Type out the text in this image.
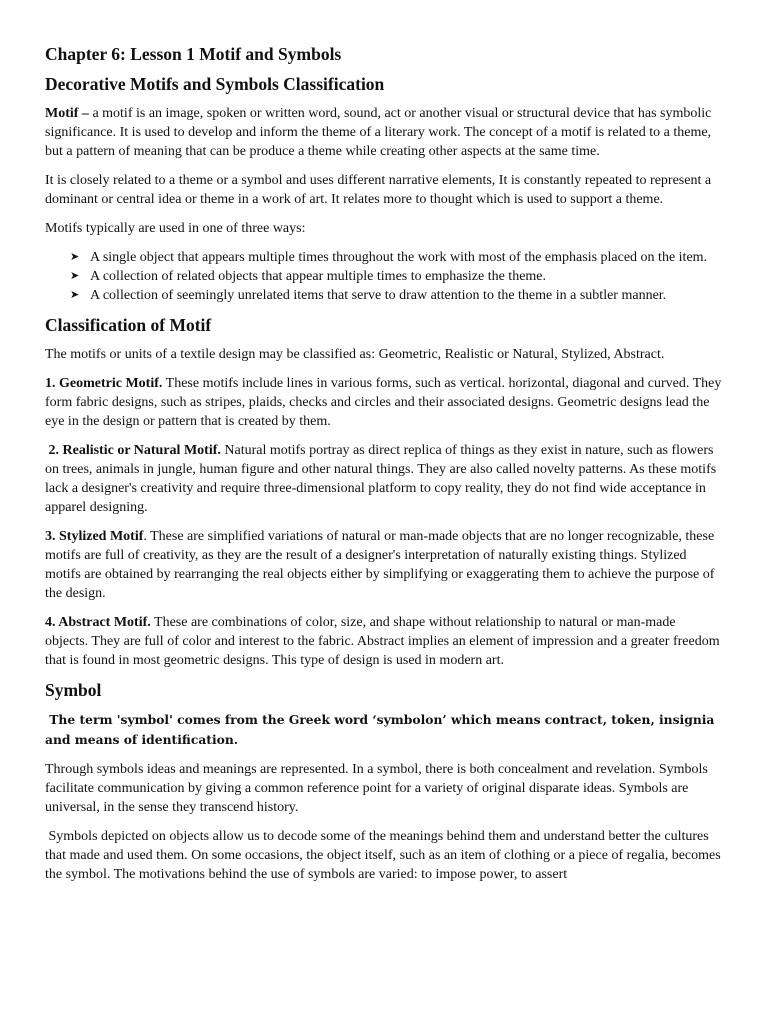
Chapter 6: Lesson 1 Motif and Symbols
Decorative Motifs and Symbols Classification

Motif – a motif is an image, spoken or written word, sound, act or another visual or structural device that has symbolic significance. It is used to develop and inform the theme of a literary work. The concept of a motif is related to a theme, but a pattern of meaning that can be produce a theme while creating other aspects at the same time.

It is closely related to a theme or a symbol and uses different narrative elements, It is constantly repeated to represent a dominant or central idea or theme in a work of art. It relates more to thought which is used to support a theme.

Motifs typically are used in one of three ways:

➤ A single object that appears multiple times throughout the work with most of the emphasis placed on the item.
➤ A collection of related objects that appear multiple times to emphasize the theme.
➤ A collection of seemingly unrelated items that serve to draw attention to the theme in a subtler manner.
Classification of Motif

The motifs or units of a textile design may be classified as: Geometric, Realistic or Natural, Stylized, Abstract.

1. Geometric Motif. These motifs include lines in various forms, such as vertical. horizontal, diagonal and curved. They form fabric designs, such as stripes, plaids, checks and circles and their associated designs. Geometric designs lead the eye in the design or pattern that is created by them.

2. Realistic or Natural Motif. Natural motifs portray as direct replica of things as they exist in nature, such as flowers on trees, animals in jungle, human figure and other natural things. They are also called novelty patterns. As these motifs lack a designer's creativity and require three-dimensional platform to copy reality, they do not find wide acceptance in apparel designing.

3. Stylized Motif. These are simplified variations of natural or man-made objects that are no longer recognizable, these motifs are full of creativity, as they are the result of a designer's interpretation of naturally existing things. Stylized motifs are obtained by rearranging the real objects either by simplifying or exaggerating them to achieve the purpose of the design.

4. Abstract Motif. These are combinations of color, size, and shape without relationship to natural or man-made objects. They are full of color and interest to the fabric. Abstract implies an element of impression and a greater freedom that is found in most geometric designs. This type of design is used in modern art.

Symbol

The term 'symbol' comes from the Greek word ‘symbolon’ which means contract, token, insignia and means of identification.

Through symbols ideas and meanings are represented. In a symbol, there is both concealment and revelation. Symbols facilitate communication by giving a common reference point for a variety of original disparate ideas. Symbols are universal, in the sense they transcend history.

Symbols depicted on objects allow us to decode some of the meanings behind them and understand better the cultures that made and used them. On some occasions, the object itself, such as an item of clothing or a piece of regalia, becomes the symbol. The motivations behind the use of symbols are varied: to impose power, to assert
